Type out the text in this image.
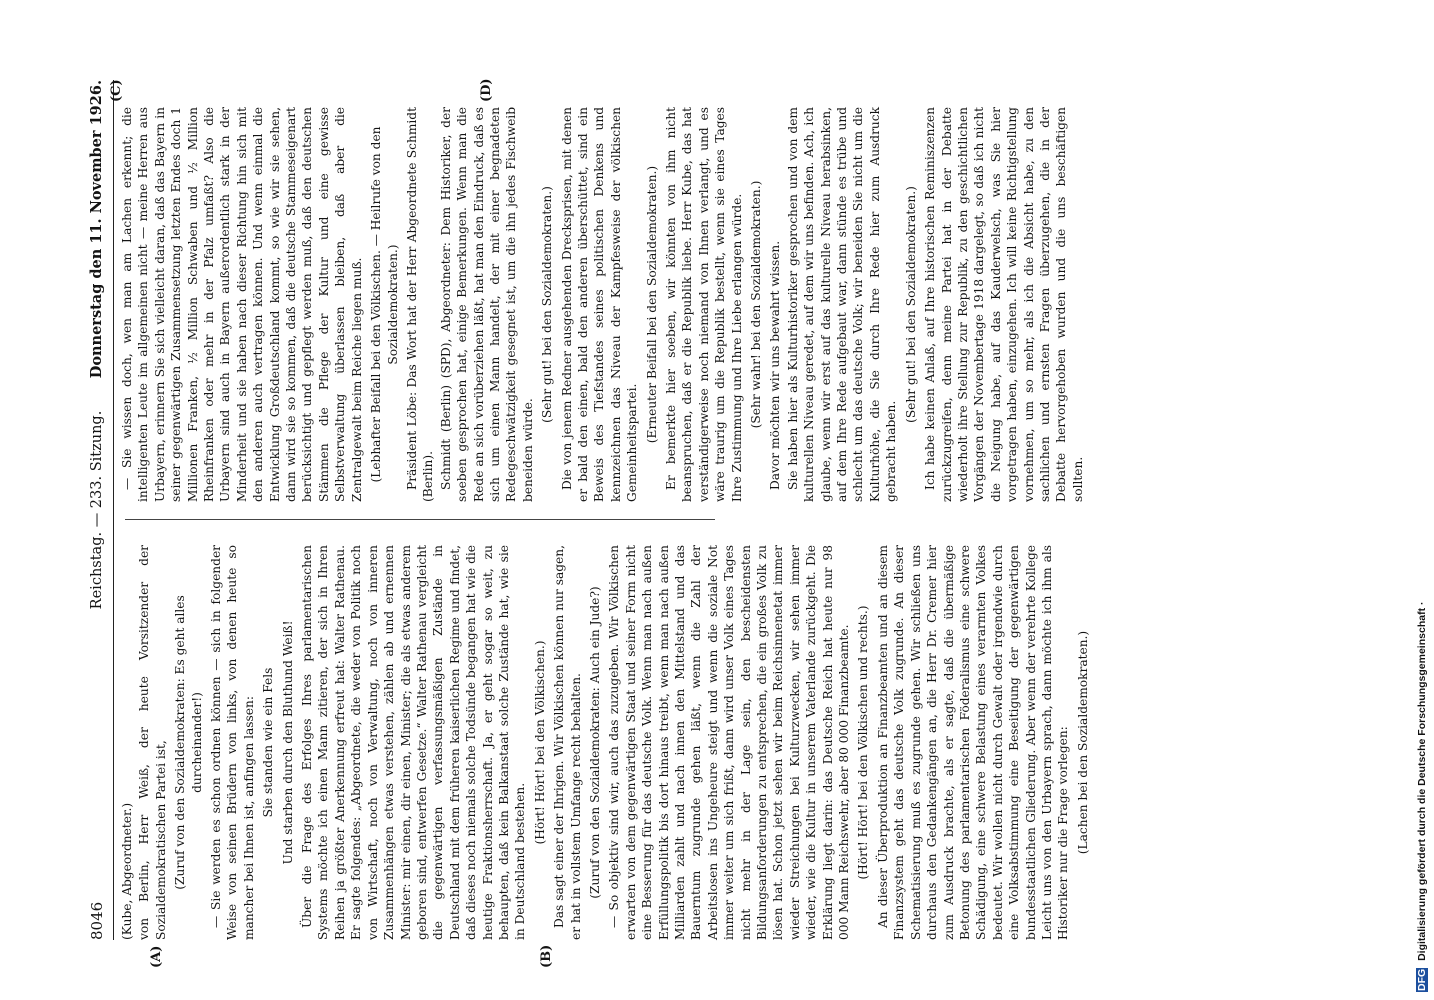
8046
Reichstag. — 233. Sitzung.
Donnerstag den 11. November 1926.

(Kube, Abgeordneter.) von Berlin, Herr Weiß, der heute Vorsitzender der Sozialdemokratischen Partei ist, (Zuruf von den Sozialdemokraten: Es geht alles durcheinander!) — Sie werden es schon ordnen können — sich in folgender Weise von seinen Brüdern von links, von denen heute so mancher bei Ihnen ist, anfingen lassen: Sie standen wie ein Fels Und starben durch den Bluthund Weiß! Über die Frage des Erfolges Ihres parlamentarischen Systems möchte ich einen Mann zitieren, der sich in Ihren Reihen ja größter Anerkennung erfreut hat: Walter Rathenau. Er sagte folgendes: „Abgeordnete, die weder von Politik noch von Wirtschaft, noch von Verwaltung, noch von inneren Zusammenhängen etwas verstehen, zählen ab und ernennen Minister: mir einen, dir einen, Minister; die als etwas anderem geboren sind, entwerfen Gesetze.“ Walter Rathenau vergleicht die gegenwärtigen verfassungsmäßigen Zustände in Deutschland mit dem früheren kaiserlichen Regime und findet, daß dieses noch niemals solche Todsünde begangen hat wie die heutige Fraktionsherrschaft. Ja, er geht sogar so weit, zu behaupten, daß kein Balkanstaat solche Zustände hat, wie sie in Deutschland bestehen.

(Hört! Hört! bei den Völkischen.) Das sagt einer der Ihrigen. Wir Völkischen können nur sagen, er hat in vollstem Umfange recht behalten. (Zuruf von den Sozialdemokraten: Auch ein Jude?) — So objektiv sind wir, auch das zuzugeben. Wir Völkischen erwarten von dem gegenwärtigen Staat und seiner Form nicht eine Besserung für das deutsche Volk. Wenn man nach außen Erfüllungspolitik bis dort hinaus treibt, wenn man nach außen Milliarden zahlt und nach innen den Mittelstand und das Bauerntum zugrunde gehen läßt, wenn die Zahl der Arbeitslosen ins Ungeheure steigt und wenn die soziale Not immer weiter um sich frißt, dann wird unser Volk eines Tages nicht mehr in der Lage sein, den bescheidensten Bildungsanforderungen zu entsprechen, die ein großes Volk zu lösen hat. Schon jetzt sehen wir beim Reichsinnenetat immer wieder Streichungen bei Kulturzwecken, wir sehen immer wieder, wie die Kultur in unserem Vaterlande zurückgeht. Die Erklärung liegt darin: das Deutsche Reich hat heute nur 98 000 Mann Reichswehr, aber 80 000 Finanzbeamte. (Hört! Hört! bei den Völkischen und rechts.) An dieser Überproduktion an Finanzbeamten und an diesem Finanzsystem geht das deutsche Volk zugrunde. An dieser Schematisierung muß es zugrunde gehen. Wir schließen uns durchaus den Gedankengängen an, die Herr Dr. Cremer hier zum Ausdruck brachte, als er sagte, daß die übermäßige Betonung des parlamentarischen Föderalismus eine schwere Schädigung, eine schwere Belastung eines verarmten Volkes bedeutet. Wir wollen nicht durch Gewalt oder irgendwie durch eine Volksabstimmung eine Beseitigung der gegenwärtigen bundesstaatlichen Gliederung. Aber wenn der verehrte Kollege Leicht uns von den Urbayern sprach, dann möchte ich ihm als Historiker nur die Frage vorlegen: (Lachen bei den Sozialdemokraten.)

— Sie wissen doch, wen man am Lachen erkennt; die intelligenten Leute im allgemeinen nicht — meine Herren aus Urbayern, erinnern Sie sich vielleicht daran, daß das Bayern in seiner gegenwärtigen Zusammensetzung letzten Endes doch 1 Millionen Franken, ½ Million Schwaben und ½ Million Rheinfranken oder mehr in der Pfalz umfaßt? Also die Urbayern sind auch in Bayern außerordentlich stark in der Minderheit und sie haben nach dieser Richtung hin sich mit den anderen auch vertragen können. Und wenn einmal die Entwicklung Großdeutschland kommt, so wie wir sie sehen, dann wird sie so kommen, daß die deutsche Stammeseigenart berücksichtigt und gepflegt werden muß, daß den deutschen Stämmen die Pflege der Kultur und eine gewisse Selbstverwaltung überlassen bleiben, daß aber die Zentralgewalt beim Reiche liegen muß. (Lebhafter Beifall bei den Völkischen. — Heilrufe von den Sozialdemokraten.) Präsident Löbe: Das Wort hat der Herr Abgeordnete Schmidt (Berlin). Schmidt (Berlin) (SPD), Abgeordneter: Dem Historiker, der soeben gesprochen hat, einige Bemerkungen. Wenn man die Rede an sich vorüberziehen läßt, hat man den Eindruck, daß es sich um einen Mann handelt, der mit einer begnadeten Redegeschwätzigkeit gesegnet ist, um die ihn jedes Fischweib beneiden würde.

(Sehr gut! bei den Sozialdemokraten.) Die von jenem Redner ausgehenden Drecksprisen, mit denen er bald den einen, bald den anderen überschüttet, sind ein Beweis des Tiefstandes seines politischen Denkens und kennzeichnen das Niveau der Kampfesweise der völkischen Gemeinheitspartei. (Erneuter Beifall bei den Sozialdemokraten.) Er bemerkte hier soeben, wir könnten von ihm nicht beanspruchen, daß er die Republik liebe. Herr Kube, das hat verständigerweise noch niemand von Ihnen verlangt, und es wäre traurig um die Republik bestellt, wenn sie eines Tages Ihre Zustimmung und Ihre Liebe erlangen würde. (Sehr wahr! bei den Sozialdemokraten.) Davor möchten wir uns bewahrt wissen. Sie haben hier als Kulturhistoriker gesprochen und von dem kulturellen Niveau geredet, auf dem wir uns befinden. Ach, ich glaube, wenn wir erst auf das kulturelle Niveau herabsinken, auf dem Ihre Rede aufgebaut war, dann stünde es trübe und schlecht um das deutsche Volk; wir beneiden Sie nicht um die Kulturhöhe, die Sie durch Ihre Rede hier zum Ausdruck gebracht haben.

(Sehr gut! bei den Sozialdemokraten.) Ich habe keinen Anlaß, auf Ihre historischen Reminiszenzen zurückzugreifen, denn meine Partei hat in der Debatte wiederholt ihre Stellung zur Republik, zu den geschichtlichen Vorgängen der Novembertage 1918 dargelegt, so daß ich nicht die Neigung habe, auf das Kauderwelsch, was Sie hier vorgetragen haben, einzugehen. Ich will keine Richtigstellung vornehmen, um so mehr, als ich die Absicht habe, zu den sachlichen und ernsten Fragen überzugehen, die in der Debatte hervorgehoben wurden und die uns beschäftigen sollten.

(A)	(B)
(C)	(D)
DFG Digitalisierung gefördert durch die Deutsche Forschungsgemeinschaft ·
